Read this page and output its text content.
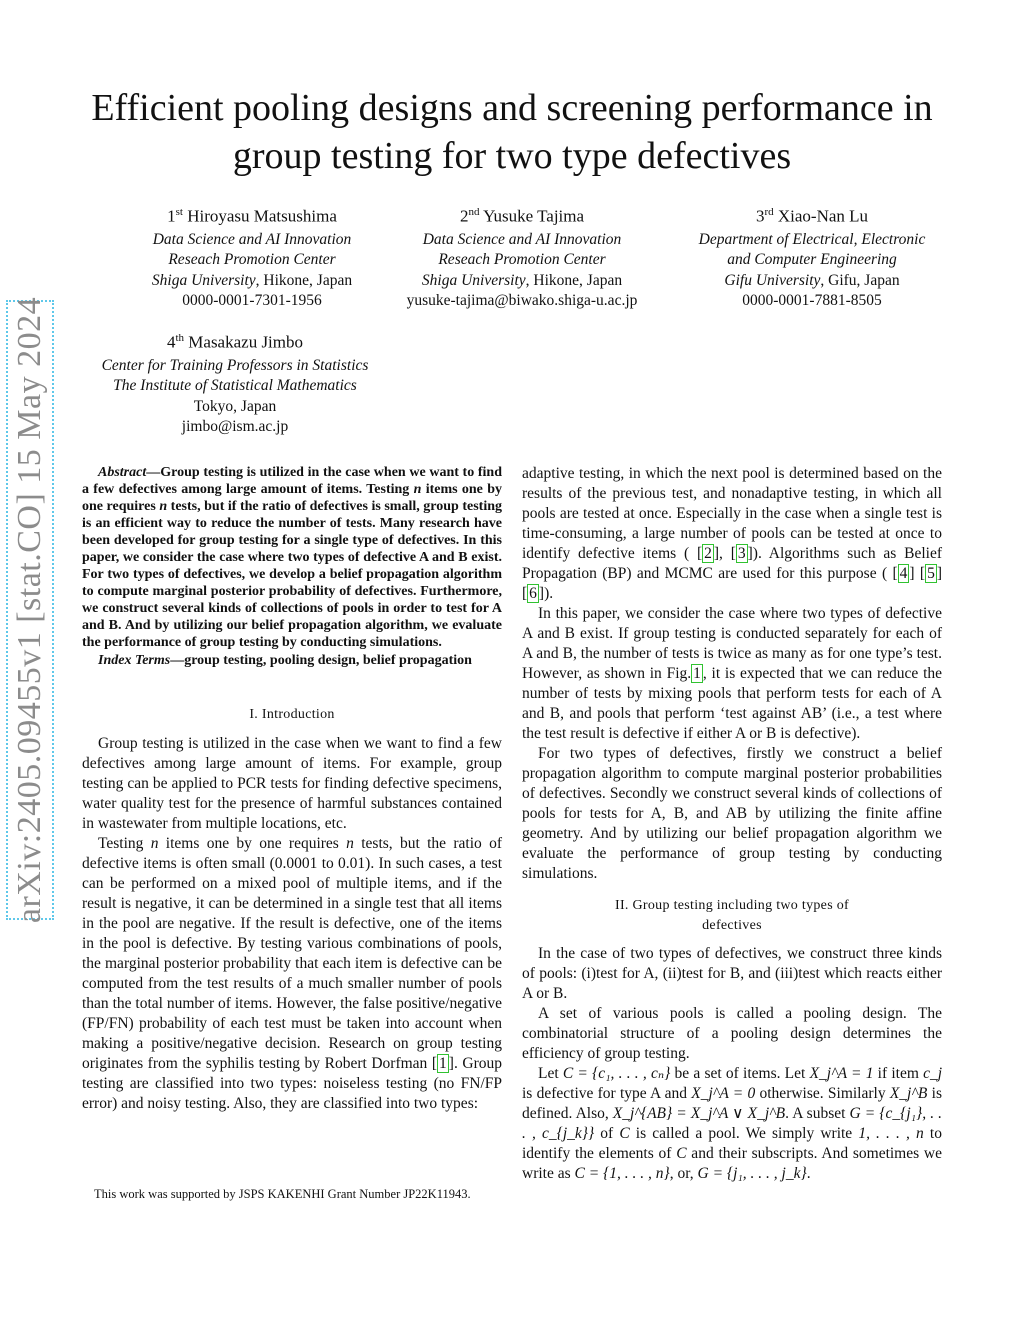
arXiv:2405.09455v1 [stat.CO] 15 May 2024
Efficient pooling designs and screening performance in group testing for two type defectives
1st Hiroyasu Matsushima
Data Science and AI Innovation
Reseach Promotion Center
Shiga University, Hikone, Japan
0000-0001-7301-1956
2nd Yusuke Tajima
Data Science and AI Innovation
Reseach Promotion Center
Shiga University, Hikone, Japan
yusuke-tajima@biwako.shiga-u.ac.jp
3rd Xiao-Nan Lu
Department of Electrical, Electronic
and Computer Engineering
Gifu University, Gifu, Japan
0000-0001-7881-8505
4th Masakazu Jimbo
Center for Training Professors in Statistics
The Institute of Statistical Mathematics
Tokyo, Japan
jimbo@ism.ac.jp

Abstract—Group testing is utilized in the case when we want to find a few defectives among large amount of items. Testing n items one by one requires n tests, but if the ratio of defectives is small, group testing is an efficient way to reduce the number of tests. Many research have been developed for group testing for a single type of defectives. In this paper, we consider the case where two types of defective A and B exist. For two types of defectives, we develop a belief propagation algorithm to compute marginal posterior probability of defectives. Furthermore, we construct several kinds of collections of pools in order to test for A and B. And by utilizing our belief propagation algorithm, we evaluate the performance of group testing by conducting simulations.

Index Terms—group testing, pooling design, belief propagation

I. Introduction

Group testing is utilized in the case when we want to find a few defectives among large amount of items. For example, group testing can be applied to PCR tests for finding defective specimens, water quality test for the presence of harmful substances contained in wastewater from multiple locations, etc.

Testing n items one by one requires n tests, but the ratio of defective items is often small (0.0001 to 0.01). In such cases, a test can be performed on a mixed pool of multiple items, and if the result is negative, it can be determined in a single test that all items in the pool are negative. If the result is defective, one of the items in the pool is defective. By testing various combinations of pools, the marginal posterior probability that each item is defective can be computed from the test results of a much smaller number of pools than the total number of items. However, the false positive/negative (FP/FN) probability of each test must be taken into account when making a positive/negative decision. Research on group testing originates from the syphilis testing by Robert Dorfman [ 1 ]. Group testing are classified into two types: noiseless testing (no FN/FP error) and noisy testing. Also, they are classified into two types:

This work was supported by JSPS KAKENHI Grant Number JP22K11943.

adaptive testing, in which the next pool is determined based on the results of the previous test, and nonadaptive testing, in which all pools are tested at once. Especially in the case when a single test is time-consuming, a large number of pools can be tested at once to identify defective items ( [ 2 ], [ 3 ]). Algorithms such as Belief Propagation (BP) and MCMC are used for this purpose ( [ 4 ] [ 5 ] [ 6 ]).

In this paper, we consider the case where two types of defective A and B exist. If group testing is conducted separately for each of A and B, the number of tests is twice as many as for one type’s test. However, as shown in Fig. 1 , it is expected that we can reduce the number of tests by mixing pools that perform tests for each of A and B, and pools that perform ‘test against AB’ (i.e., a test where the test result is defective if either A or B is defective).

For two types of defectives, firstly we construct a belief propagation algorithm to compute marginal posterior probabilities of defectives. Secondly we construct several kinds of collections of pools for tests for A, B, and AB by utilizing the finite affine geometry. And by utilizing our belief propagation algorithm we evaluate the performance of group testing by conducting simulations.

II. Group testing including two types of
defectives

In the case of two types of defectives, we construct three kinds of pools: (i)test for A, (ii)test for B, and (iii)test which reacts either A or B.

A set of various pools is called a pooling design. The combinatorial structure of a pooling design determines the efficiency of group testing.

Let C = {c₁, . . . , cₙ} be a set of items. Let X_j^A = 1 if item c_j is defective for type A and X_j^A = 0 otherwise. Similarly X_j^B is defined. Also, X_j^{AB} = X_j^A ∨ X_j^B. A subset G = {c_{j₁}, . . . , c_{j_k}} of C is called a pool. We simply write 1, . . . , n to identify the elements of C and their subscripts. And sometimes we write as C = {1, . . . , n}, or, G = {j₁, . . . , j_k}.
